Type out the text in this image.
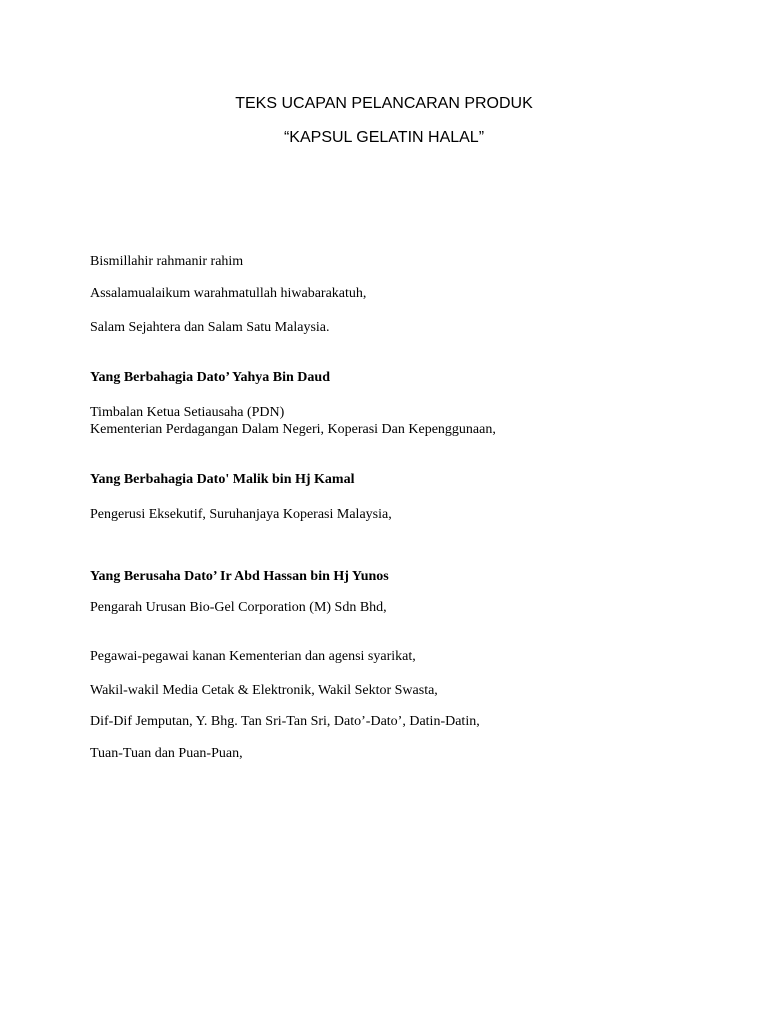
TEKS UCAPAN PELANCARAN PRODUK
“KAPSUL GELATIN HALAL”
Bismillahir rahmanir rahim
Assalamualaikum warahmatullah hiwabarakatuh,
Salam Sejahtera dan Salam Satu Malaysia.
Yang Berbahagia Dato’ Yahya Bin Daud
Timbalan Ketua Setiausaha (PDN)
Kementerian Perdagangan Dalam Negeri, Koperasi Dan Kepenggunaan,
Yang Berbahagia Dato' Malik bin Hj Kamal
Pengerusi Eksekutif, Suruhanjaya Koperasi Malaysia,
Yang Berusaha Dato’ Ir Abd Hassan bin Hj Yunos
Pengarah Urusan Bio-Gel Corporation (M) Sdn Bhd,
Pegawai-pegawai kanan Kementerian dan agensi syarikat,
Wakil-wakil Media Cetak & Elektronik, Wakil Sektor Swasta,
Dif-Dif Jemputan, Y. Bhg. Tan Sri-Tan Sri, Dato’-Dato’, Datin-Datin,
Tuan-Tuan dan Puan-Puan,
